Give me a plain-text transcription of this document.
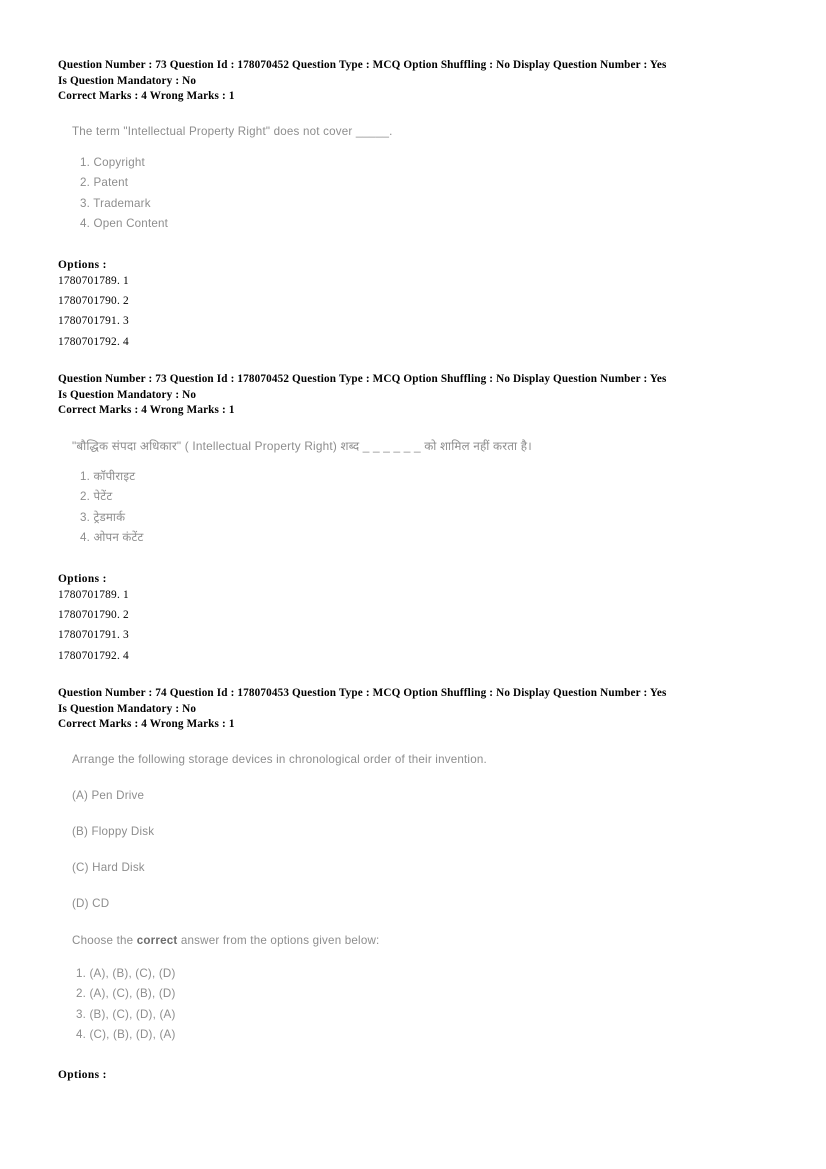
Question Number : 73 Question Id : 178070452 Question Type : MCQ Option Shuffling : No Display Question Number : Yes
Is Question Mandatory : No
Correct Marks : 4 Wrong Marks : 1
The term "Intellectual Property Right" does not cover _____.
1. Copyright
2. Patent
3. Trademark
4. Open Content
Options :
1780701789. 1
1780701790. 2
1780701791. 3
1780701792. 4
Question Number : 73 Question Id : 178070452 Question Type : MCQ Option Shuffling : No Display Question Number : Yes
Is Question Mandatory : No
Correct Marks : 4 Wrong Marks : 1
"बौद्धिक संपदा अधिकार" ( Intellectual Property Right) शब्द _ _ _ _ _ _ को शामिल नहीं करता है।
1. कॉपीराइट
2. पेटेंट
3. ट्रेडमार्क
4. ओपन कंटेंट
Options :
1780701789. 1
1780701790. 2
1780701791. 3
1780701792. 4
Question Number : 74 Question Id : 178070453 Question Type : MCQ Option Shuffling : No Display Question Number : Yes
Is Question Mandatory : No
Correct Marks : 4 Wrong Marks : 1
Arrange the following storage devices in chronological order of their invention.
(A) Pen Drive
(B) Floppy Disk
(C) Hard Disk
(D) CD
Choose the correct answer from the options given below:
1. (A), (B), (C), (D)
2. (A), (C), (B), (D)
3. (B), (C), (D), (A)
4. (C), (B), (D), (A)
Options :
